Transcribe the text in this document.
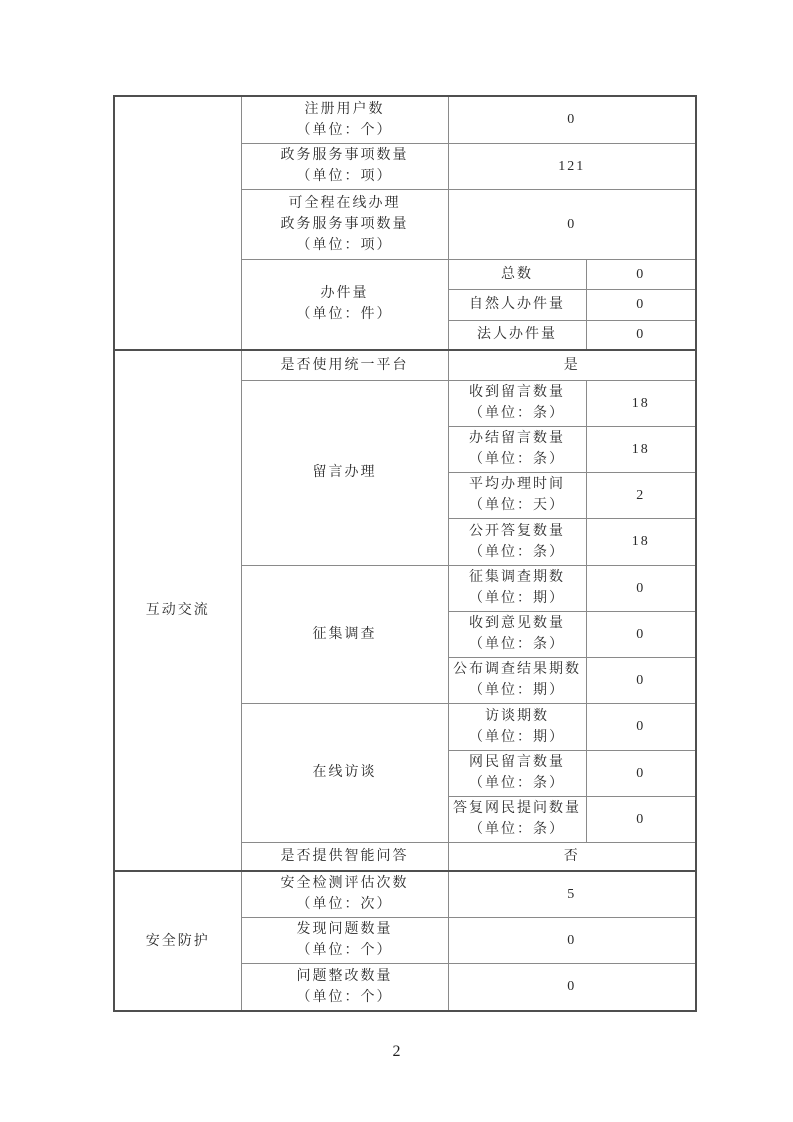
	注册用户数
（单位：个）	0	

	政务服务事项数量
（单位：项）	121	

	可全程在线办理
政务服务事项数量
（单位：项）	0	

	办件量
（单位：件）	总数	0
		自然人办件量	0
		法人办件量	0
互动交流	是否使用统一平台	是	
	留言办理	收到留言数量
（单位：条）	18

		办结留言数量
（单位：条）	18

		平均办理时间
（单位：天）	2

		公开答复数量
（单位：条）	18
	征集调查	征集调查期数
（单位：期）	0

		收到意见数量
（单位：条）	0

		公布调查结果期数
（单位：期）	0
	在线访谈	访谈期数
（单位：期）	0

		网民留言数量
（单位：条）	0

		答复网民提问数量
（单位：条）	0
	是否提供智能问答	否	
安全防护	安全检测评估次数
（单位：次）	5	

	发现问题数量
（单位：个）	0	

	问题整改数量
（单位：个）	0	
2
